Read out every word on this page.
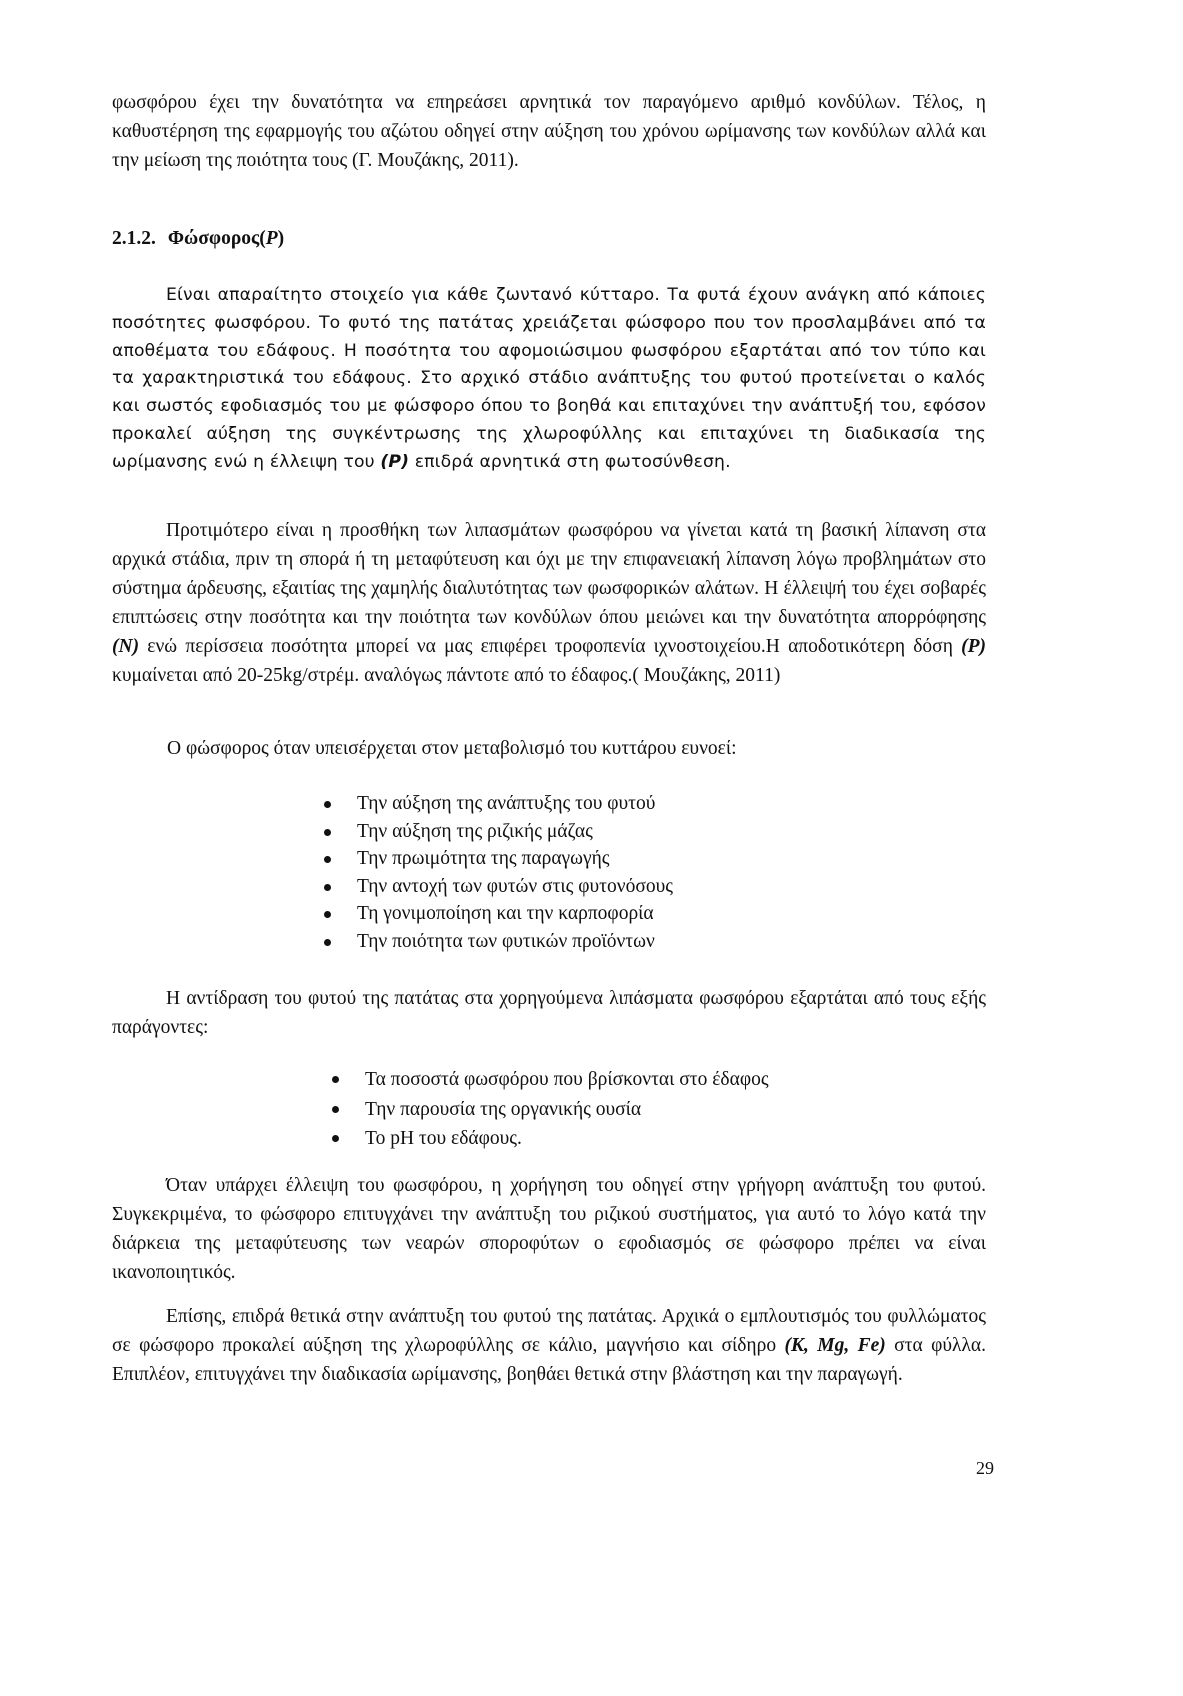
φωσφόρου έχει την δυνατότητα να επηρεάσει αρνητικά τον παραγόμενο αριθμό κονδύλων. Τέλος, η καθυστέρηση της εφαρμογής του αζώτου οδηγεί στην αύξηση του χρόνου ωρίμανσης των κονδύλων αλλά και την μείωση της ποιότητα τους (Γ. Μουζάκης, 2011).

2.1.2. Φώσφορος(P)

Είναι απαραίτητο στοιχείο για κάθε ζωντανό κύτταρο. Τα φυτά έχουν ανάγκη από κάποιες ποσότητες φωσφόρου. Το φυτό της πατάτας χρειάζεται φώσφορο που τον προσλαμβάνει από τα αποθέματα του εδάφους. Η ποσότητα του αφομοιώσιμου φωσφόρου εξαρτάται από τον τύπο και τα χαρακτηριστικά του εδάφους. Στο αρχικό στάδιο ανάπτυξης του φυτού προτείνεται ο καλός και σωστός εφοδιασμός του με φώσφορο όπου το βοηθά και επιταχύνει την ανάπτυξή του, εφόσον προκαλεί αύξηση της συγκέντρωσης της χλωροφύλλης και επιταχύνει τη διαδικασία της ωρίμανσης ενώ η έλλειψη του (P) επιδρά αρνητικά στη φωτοσύνθεση.

Προτιμότερο είναι η προσθήκη των λιπασμάτων φωσφόρου να γίνεται κατά τη βασική λίπανση στα αρχικά στάδια, πριν τη σπορά ή τη μεταφύτευση και όχι με την επιφανειακή λίπανση λόγω προβλημάτων στο σύστημα άρδευσης, εξαιτίας της χαμηλής διαλυτότητας των φωσφορικών αλάτων. Η έλλειψή του έχει σοβαρές επιπτώσεις στην ποσότητα και την ποιότητα των κονδύλων όπου μειώνει και την δυνατότητα απορρόφησης (N) ενώ περίσσεια ποσότητα μπορεί να μας επιφέρει τροφοπενία ιχνοστοιχείου.Η αποδοτικότερη δόση (P) κυμαίνεται από 20-25kg/στρέμ. αναλόγως πάντοτε από το έδαφος.( Μουζάκης, 2011)

Ο φώσφορος όταν υπεισέρχεται στον μεταβολισμό του κυττάρου ευνοεί:

Την αύξηση της ανάπτυξης του φυτού
Την αύξηση της ριζικής μάζας
Την πρωιμότητα της παραγωγής
Την αντοχή των φυτών στις φυτονόσους
Τη γονιμοποίηση και την καρποφορία
Την ποιότητα των φυτικών προϊόντων

Η αντίδραση του φυτού της πατάτας στα χορηγούμενα λιπάσματα φωσφόρου εξαρτάται από τους εξής παράγοντες:

Τα ποσοστά φωσφόρου που βρίσκονται στο έδαφος
Την παρουσία της οργανικής ουσία
Το pH του εδάφους.

Όταν υπάρχει έλλειψη του φωσφόρου, η χορήγηση του οδηγεί στην γρήγορη ανάπτυξη του φυτού. Συγκεκριμένα, το φώσφορο επιτυγχάνει την ανάπτυξη του ριζικού συστήματος, για αυτό το λόγο κατά την διάρκεια της μεταφύτευσης των νεαρών σποροφύτων ο εφοδιασμός σε φώσφορο πρέπει να είναι ικανοποιητικός.

Επίσης, επιδρά θετικά στην ανάπτυξη του φυτού της πατάτας. Αρχικά ο εμπλουτισμός του φυλλώματος σε φώσφορο προκαλεί αύξηση της χλωροφύλλης σε κάλιο, μαγνήσιο και σίδηρο (K, Mg, Fe) στα φύλλα. Επιπλέον, επιτυγχάνει την διαδικασία ωρίμανσης, βοηθάει θετικά στην βλάστηση και την παραγωγή.

29
